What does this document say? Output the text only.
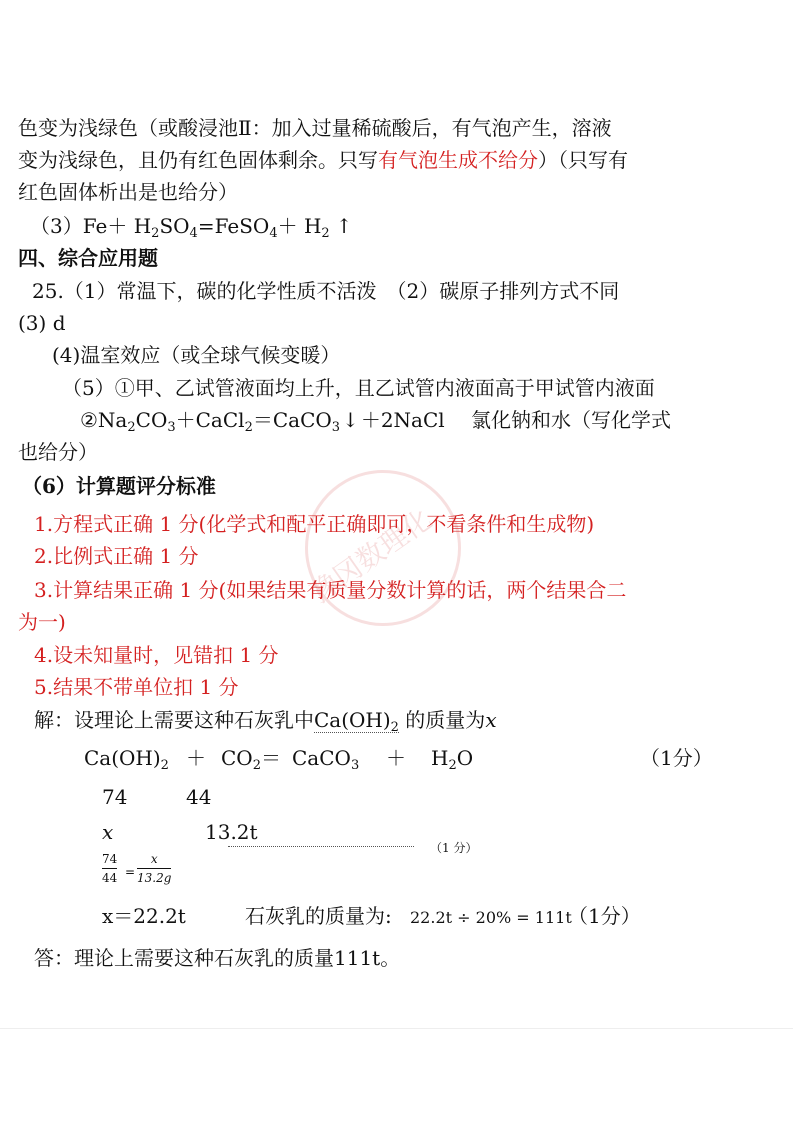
豫冈数理化
色变为浅绿色（或酸浸池Ⅱ：加入过量稀硫酸后，有气泡产生，溶液
变为浅绿色，且仍有红色固体剩余。只写有气泡生成不给分）（只写有
红色固体析出是也给分）
$(3)Fe+ H_2SO_4=FeSO_4+ H_2$ ↑
四、综合应用题
25.（1）常温下，碳的化学性质不活泼　（2）碳原子排列方式不同
(3) d
(4)温室效应（或全球气候变暖）
（5）①甲、乙试管液面均上升，且乙试管内液面高于甲试管内液面
$②Na_2CO_3+CaCl_2=CaCO_3$ ↓ ＋2NaCl　 氯化钠和水（写化学式
也给分）
（6）计算题评分标准
1.方程式正确 1 分(化学式和配平正确即可，不看条件和生成物)
2.比例式正确 1 分
3.计算结果正确 1 分(如果结果有质量分数计算的话，两个结果合二
为一)
4.设未知量时，见错扣 1 分
5.结果不带单位扣 1 分
解：设理论上需要这种石灰乳中$Ca(OH)_2$ 的质量为x
$Ca(OH)_2 + CO_2=$ CaCO$_3$ ＋ $H_2O$	（1分）
74	44
x	13.2t
（1 分）
74
44 =
x
13.2g
x＝22.2t	石灰乳的质量为: 22.2t ÷ 20% = 111t
（1分）
答：理论上需要这种石灰乳的质量111t。
